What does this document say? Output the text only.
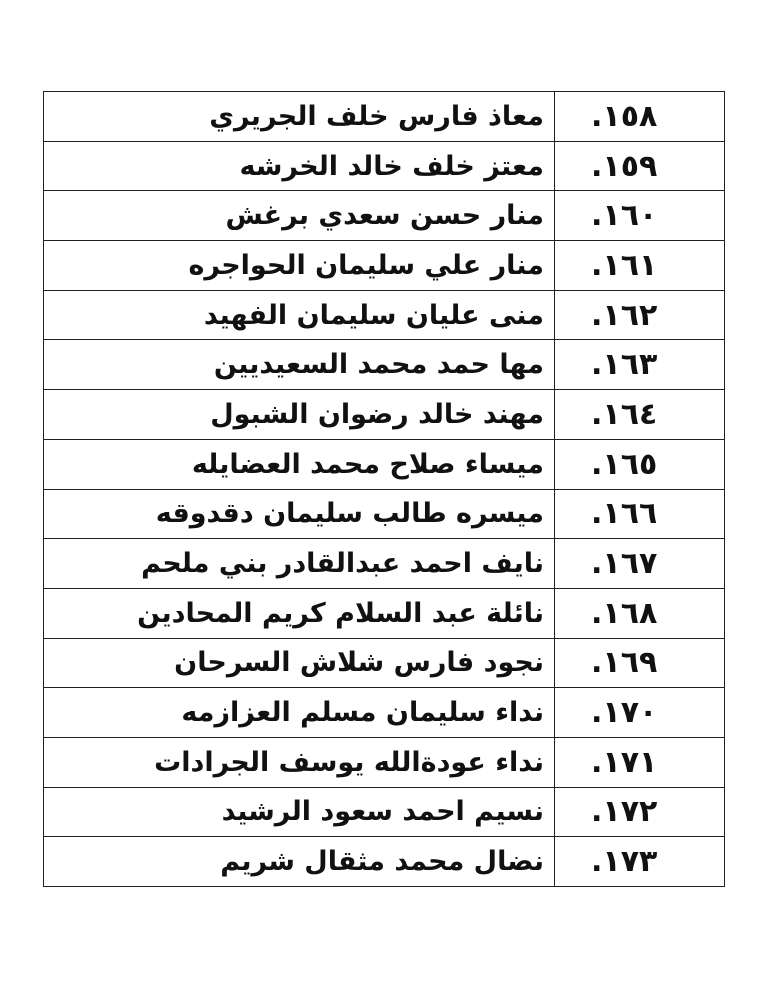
١٥٨.	معاذ فارس خلف الجريري
١٥٩.	معتز خلف خالد الخرشه
١٦٠.	منار حسن سعدي برغش
١٦١.	منار علي سليمان الحواجره
١٦٢.	منى عليان سليمان الفهيد
١٦٣.	مها حمد محمد السعيديين
١٦٤.	مهند خالد رضوان الشبول
١٦٥.	ميساء صلاح محمد العضايله
١٦٦.	ميسره طالب سليمان دقدوقه
١٦٧.	نايف احمد عبدالقادر بني ملحم
١٦٨.	نائلة عبد السلام كريم المحادين
١٦٩.	نجود فارس شلاش السرحان
١٧٠.	نداء سليمان مسلم العزازمه
١٧١.	نداء عودةالله يوسف الجرادات
١٧٢.	نسيم احمد سعود الرشيد
١٧٣.	نضال محمد مثقال شريم
